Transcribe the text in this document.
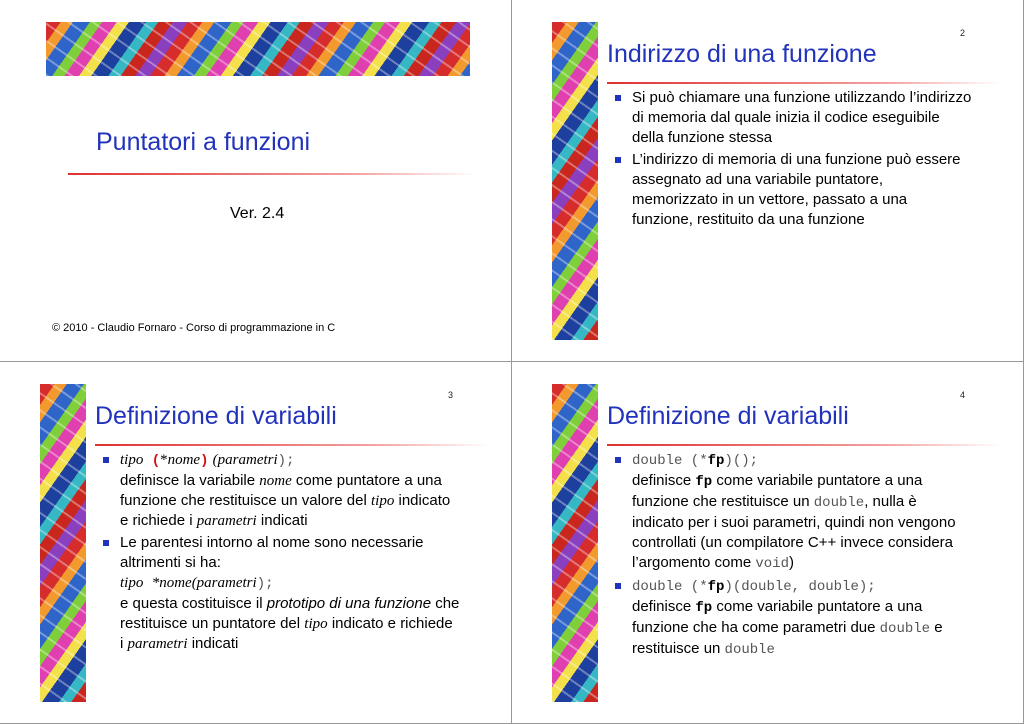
Puntatori a funzioni
Ver. 2.4
© 2010 - Claudio Fornaro - Corso di programmazione in C
2
Indirizzo di una funzione
Si può chiamare una funzione utilizzando l’indirizzo di memoria dal quale inizia il codice eseguibile della funzione stessa
L’indirizzo di memoria di una funzione può essere assegnato ad una variabile puntatore, memorizzato in un vettore, passato a una funzione, restituito da una funzione
3
Definizione di variabili
tipo (*nome) (parametri);
definisce la variabile nome come puntatore a una funzione che restituisce un valore del tipo indicato e richiede i parametri indicati
Le parentesi intorno al nome sono necessarie altrimenti si ha:
tipo *nome(parametri);
e questa costituisce il prototipo di una funzione che restituisce un puntatore del tipo indicato e richiede i parametri indicati
4
Definizione di variabili
double (*fp)();
definisce fp come variabile puntatore a una funzione che restituisce un double, nulla è indicato per i suoi parametri, quindi non vengono controllati (un compilatore C++ invece considera l’argomento come void)
double (*fp)(double, double);
definisce fp come variabile puntatore a una funzione che ha come parametri due double e restituisce un double
